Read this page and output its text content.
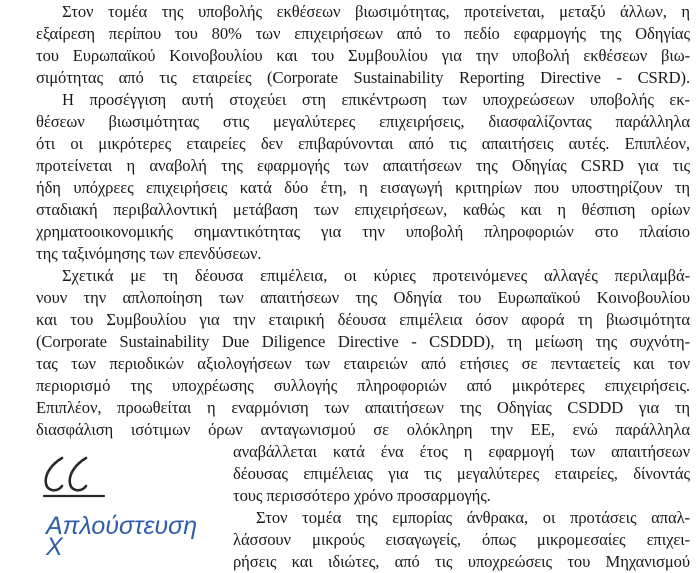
Στον τομέα της υποβολής εκθέσεων βιωσιμότητας, προτείνεται, μεταξύ άλλων, η
εξαίρεση περίπου του 80% των επιχειρήσεων από το πεδίο εφαρμογής της Οδηγίας
του Ευρωπαϊκού Κοινοβουλίου και του Συμβουλίου για την υποβολή εκθέσεων βιω-
σιμότητας από τις εταιρείες (Corporate Sustainability Reporting Directive - CSRD).
Η προσέγγιση αυτή στοχεύει στη επικέντρωση των υποχρεώσεων υποβολής εκ-
θέσεων βιωσιμότητας στις μεγαλύτερες επιχειρήσεις, διασφαλίζοντας παράλληλα
ότι οι μικρότερες εταιρείες δεν επιβαρύνονται από τις απαιτήσεις αυτές. Επιπλέον,
προτείνεται η αναβολή της εφαρμογής των απαιτήσεων της Οδηγίας CSRD για τις
ήδη υπόχρεες επιχειρήσεις κατά δύο έτη, η εισαγωγή κριτηρίων που υποστηρίζουν τη
σταδιακή περιβαλλοντική μετάβαση των επιχειρήσεων, καθώς και η θέσπιση ορίων
χρηματοοικονομικής σημαντικότητας για την υποβολή πληροφοριών στο πλαίσιο
της ταξινόμησης των επενδύσεων.
Σχετικά με τη δέουσα επιμέλεια, οι κύριες προτεινόμενες αλλαγές περιλαμβά-
νουν την απλοποίηση των απαιτήσεων της Οδηγία του Ευρωπαϊκού Κοινοβουλίου
και του Συμβουλίου για την εταιρική δέουσα επιμέλεια όσον αφορά τη βιωσιμότητα
(Corporate Sustainability Due Diligence Directive - CSDDD), τη μείωση της συχνότη-
τας των περιοδικών αξιολογήσεων των εταιρειών από ετήσιες σε πενταετείς και τον
περιορισμό της υποχρέωσης συλλογής πληροφοριών από μικρότερες επιχειρήσεις.
Επιπλέον, προωθείται η εναρμόνιση των απαιτήσεων της Οδηγίας CSDDD για τη
διασφάλιση ισότιμων όρων ανταγωνισμού σε ολόκληρη την ΕΕ, ενώ παράλληλα
αναβάλλεται κατά ένα έτος η εφαρμογή των απαιτήσεων
δέουσας επιμέλειας για τις μεγαλύτερες εταιρείες, δίνοντάς
τους περισσότερο χρόνο προσαρμογής.
Στον τομέα της εμπορίας άνθρακα, οι προτάσεις απαλ-
λάσσουν μικρούς εισαγωγείς, όπως μικρομεσαίες επιχει-
ρήσεις και ιδιώτες, από τις υποχρεώσεις του Μηχανισμού
Απλούστευση
Χ
